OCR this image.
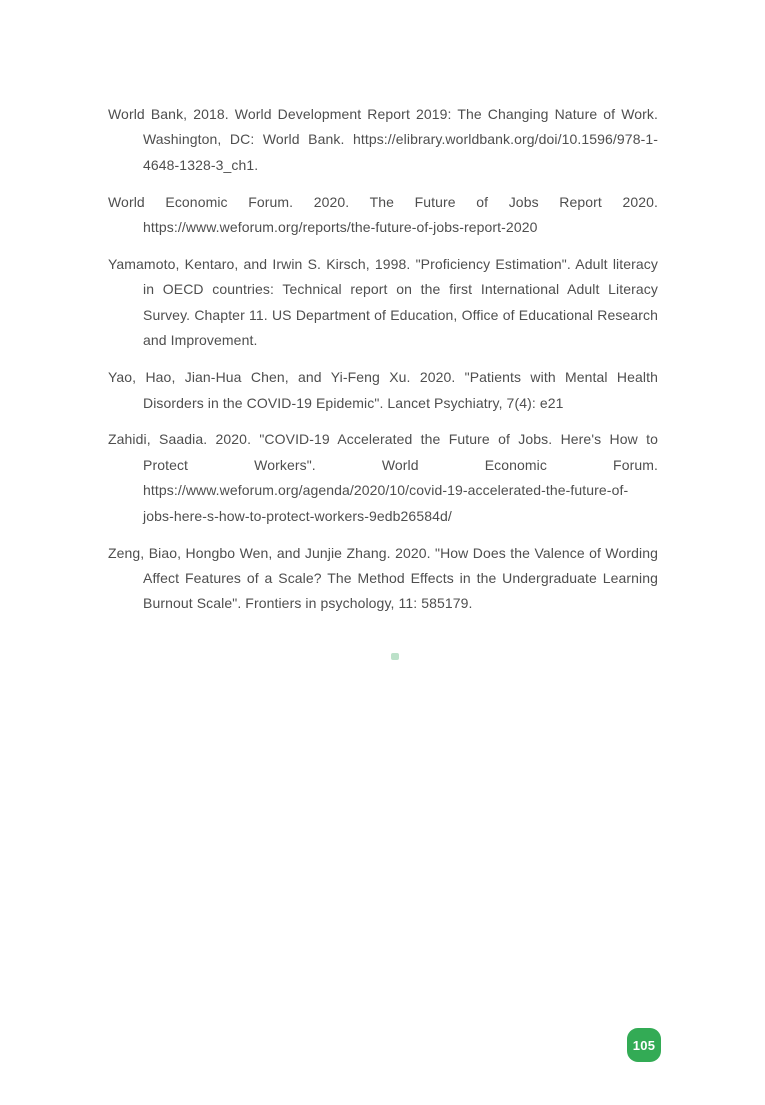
World Bank, 2018. World Development Report 2019: The Changing Nature of Work. Washington, DC: World Bank. https://elibrary.worldbank.org/doi/10.1596/978-1-4648-1328-3_ch1.

World Economic Forum. 2020. The Future of Jobs Report 2020. https://www.weforum.org/reports/the-future-of-jobs-report-2020

Yamamoto, Kentaro, and Irwin S. Kirsch, 1998. "Proficiency Estimation". Adult literacy in OECD countries: Technical report on the first International Adult Literacy Survey. Chapter 11. US Department of Education, Office of Educational Research and Improvement.

Yao, Hao, Jian-Hua Chen, and Yi-Feng Xu. 2020. "Patients with Mental Health Disorders in the COVID-19 Epidemic". Lancet Psychiatry, 7(4): e21

Zahidi, Saadia. 2020. "COVID-19 Accelerated the Future of Jobs. Here's How to Protect Workers". World Economic Forum. https://www.weforum.org/agenda/2020/10/covid-19-accelerated-the-future-of-jobs-here-s-how-to-protect-workers-9edb26584d/

Zeng, Biao, Hongbo Wen, and Junjie Zhang. 2020. "How Does the Valence of Wording Affect Features of a Scale? The Method Effects in the Undergraduate Learning Burnout Scale". Frontiers in psychology, 11: 585179.

105
